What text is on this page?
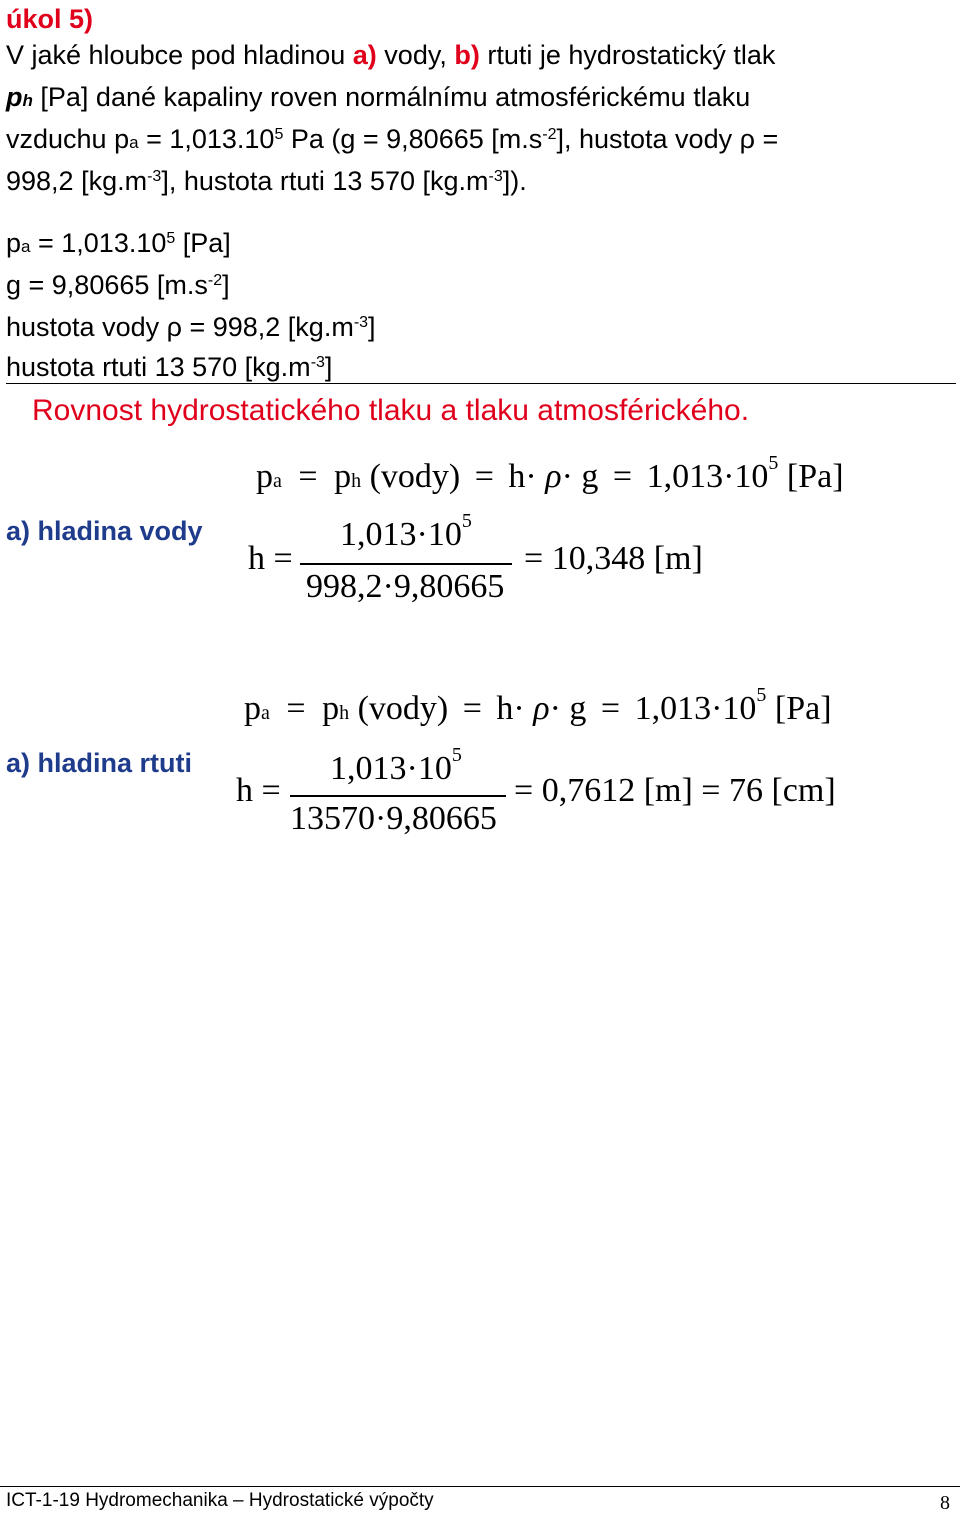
úkol 5)
V jaké hloubce pod hladinou a) vody, b) rtuti je hydrostatický tlak
ph [Pa] dané kapaliny roven normálnímu atmosférickému tlaku
vzduchu pa = $1,013.10^5$ Pa (g = 9,80665 $[m.s^{-2}]$, hustota vody ρ =
998,2 $[kg.m^{-3}]$, hustota rtuti 13 570 $[kg.m^{-3}]$).
pa = $1,013.10^5$ [Pa]
g = 9,80665 $[m.s^{-2}]$
hustota vody ρ = 998,2 $[kg.m^{-3}]$
hustota rtuti 13 570 $[kg.m^{-3}]$
Rovnost hydrostatického tlaku a tlaku atmosférického.
a) hladina vody
pa = ph (vody) = $h\cdot \rho\cdot g = 1,013\cdot 10^5$ [Pa]
h =
$1,013\cdot 10^5$
998,2·9,80665
= 10,348 [m]
a) hladina rtuti
pa = ph (vody) = $h\cdot \rho\cdot g = 1,013\cdot 10^5$ [Pa]
h =
$1,013\cdot 10^5$
13570·9,80665
= 0,7612 [m] = 76 [cm]
ICT-1-19 Hydromechanika – Hydrostatické výpočty	8
